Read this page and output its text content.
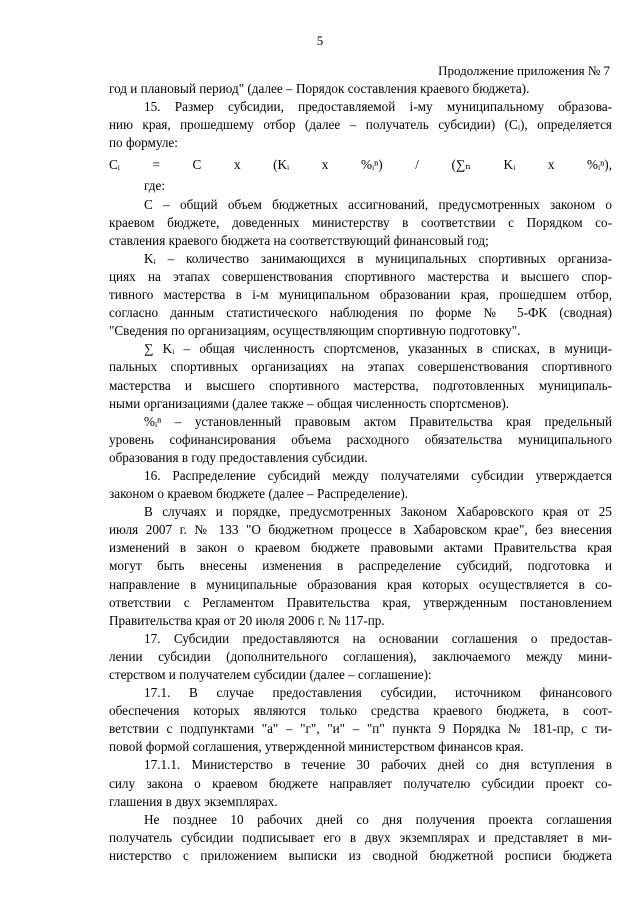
5
Продолжение приложения № 7
год и плановый период" (далее – Порядок составления краевого бюджета).
15. Размер субсидии, предоставляемой i-му муниципальному образова-
нию края, прошедшему отбор (далее – получатель субсидии) (Cᵢ), определяется
по формуле:
Cᵢ = C x (Kᵢ x %ᵢⁿ) / (∑ₙ Kᵢ x %ᵢⁿ),
где:
C – общий объем бюджетных ассигнований, предусмотренных законом о
краевом бюджете, доведенных министерству в соответствии с Порядком со-
ставления краевого бюджета на соответствующий финансовый год;
Kᵢ – количество занимающихся в муниципальных спортивных организа-
циях на этапах совершенствования спортивного мастерства и высшего спор-
тивного мастерства в i-м муниципальном образовании края, прошедшем отбор,
согласно данным статистического наблюдения по форме № 5-ФК (сводная)
"Сведения по организациям, осуществляющим спортивную подготовку".
∑ Kᵢ – общая численность спортсменов, указанных в списках, в муници-
пальных спортивных организациях на этапах совершенствования спортивного
мастерства и высшего спортивного мастерства, подготовленных муниципаль-
ными организациями (далее также – общая численность спортсменов).
%ᵢⁿ – установленный правовым актом Правительства края предельный
уровень софинансирования объема расходного обязательства муниципального
образования в году предоставления субсидии.
16. Распределение субсидий между получателями субсидии утверждается
законом о краевом бюджете (далее – Распределение).
В случаях и порядке, предусмотренных Законом Хабаровского края от 25
июля 2007 г. № 133 "О бюджетном процессе в Хабаровском крае", без внесения
изменений в закон о краевом бюджете правовыми актами Правительства края
могут быть внесены изменения в распределение субсидий, подготовка и
направление в муниципальные образования края которых осуществляется в со-
ответствии с Регламентом Правительства края, утвержденным постановлением
Правительства края от 20 июля 2006 г. № 117-пр.
17. Субсидии предоставляются на основании соглашения о предостав-
лении субсидии (дополнительного соглашения), заключаемого между мини-
стерством и получателем субсидии (далее – соглашение):
17.1. В случае предоставления субсидии, источником финансового
обеспечения которых являются только средства краевого бюджета, в соот-
ветствии с подпунктами "а" – "г", "и" – "п" пункта 9 Порядка № 181-пр, с ти-
повой формой соглашения, утвержденной министерством финансов края.
17.1.1. Министерство в течение 30 рабочих дней со дня вступления в
силу закона о краевом бюджете направляет получателю субсидии проект со-
глашения в двух экземплярах.
Не позднее 10 рабочих дней со дня получения проекта соглашения
получатель субсидии подписывает его в двух экземплярах и представляет в ми-
нистерство с приложением выписки из сводной бюджетной росписи бюджета
